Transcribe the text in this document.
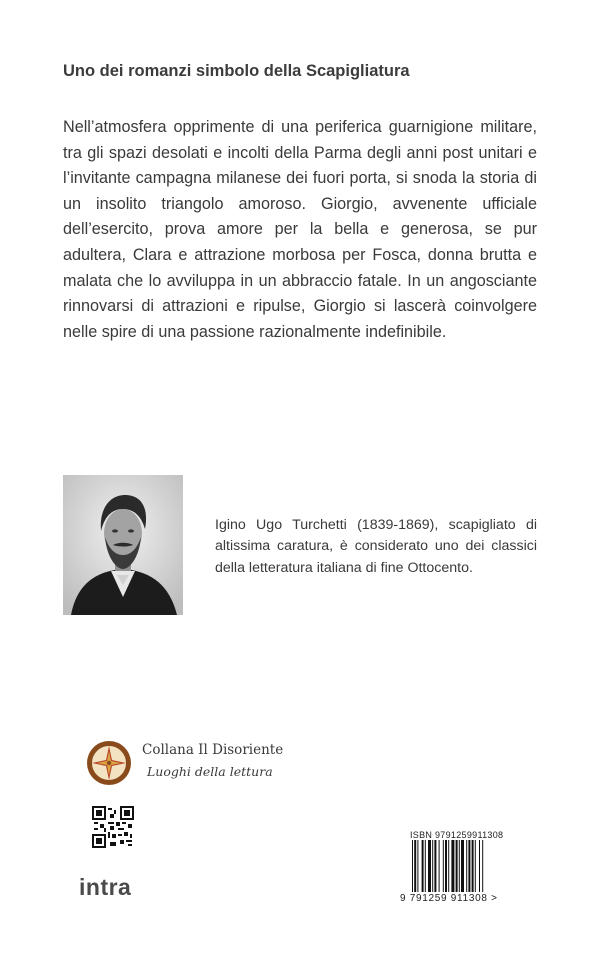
Uno dei romanzi simbolo della Scapigliatura
Nell’atmosfera opprimente di una periferica guarnigione militare, tra gli spazi desolati e incolti della Parma degli anni post unitari e l’invitante campagna milanese dei fuori porta, si snoda la storia di un insolito triangolo amoroso. Giorgio, avvenente ufficiale dell’esercito, prova amore per la bella e generosa, se pur adultera, Clara e attrazione morbosa per Fosca, donna brutta e malata che lo avviluppa in un abbraccio fatale. In un angosciante rinnovarsi di attrazioni e ripulse, Giorgio si lascerà coinvolgere nelle spire di una passione razionalmente indefinibile.
Igino Ugo Turchetti (1839-1869), scapigliato di altissima caratura, è considerato uno dei classici della letteratura italiana di fine Ottocento.
Collana Il Disoriente
Luoghi della lettura
intra
ISBN 9791259911308
9 791259 911308 >
